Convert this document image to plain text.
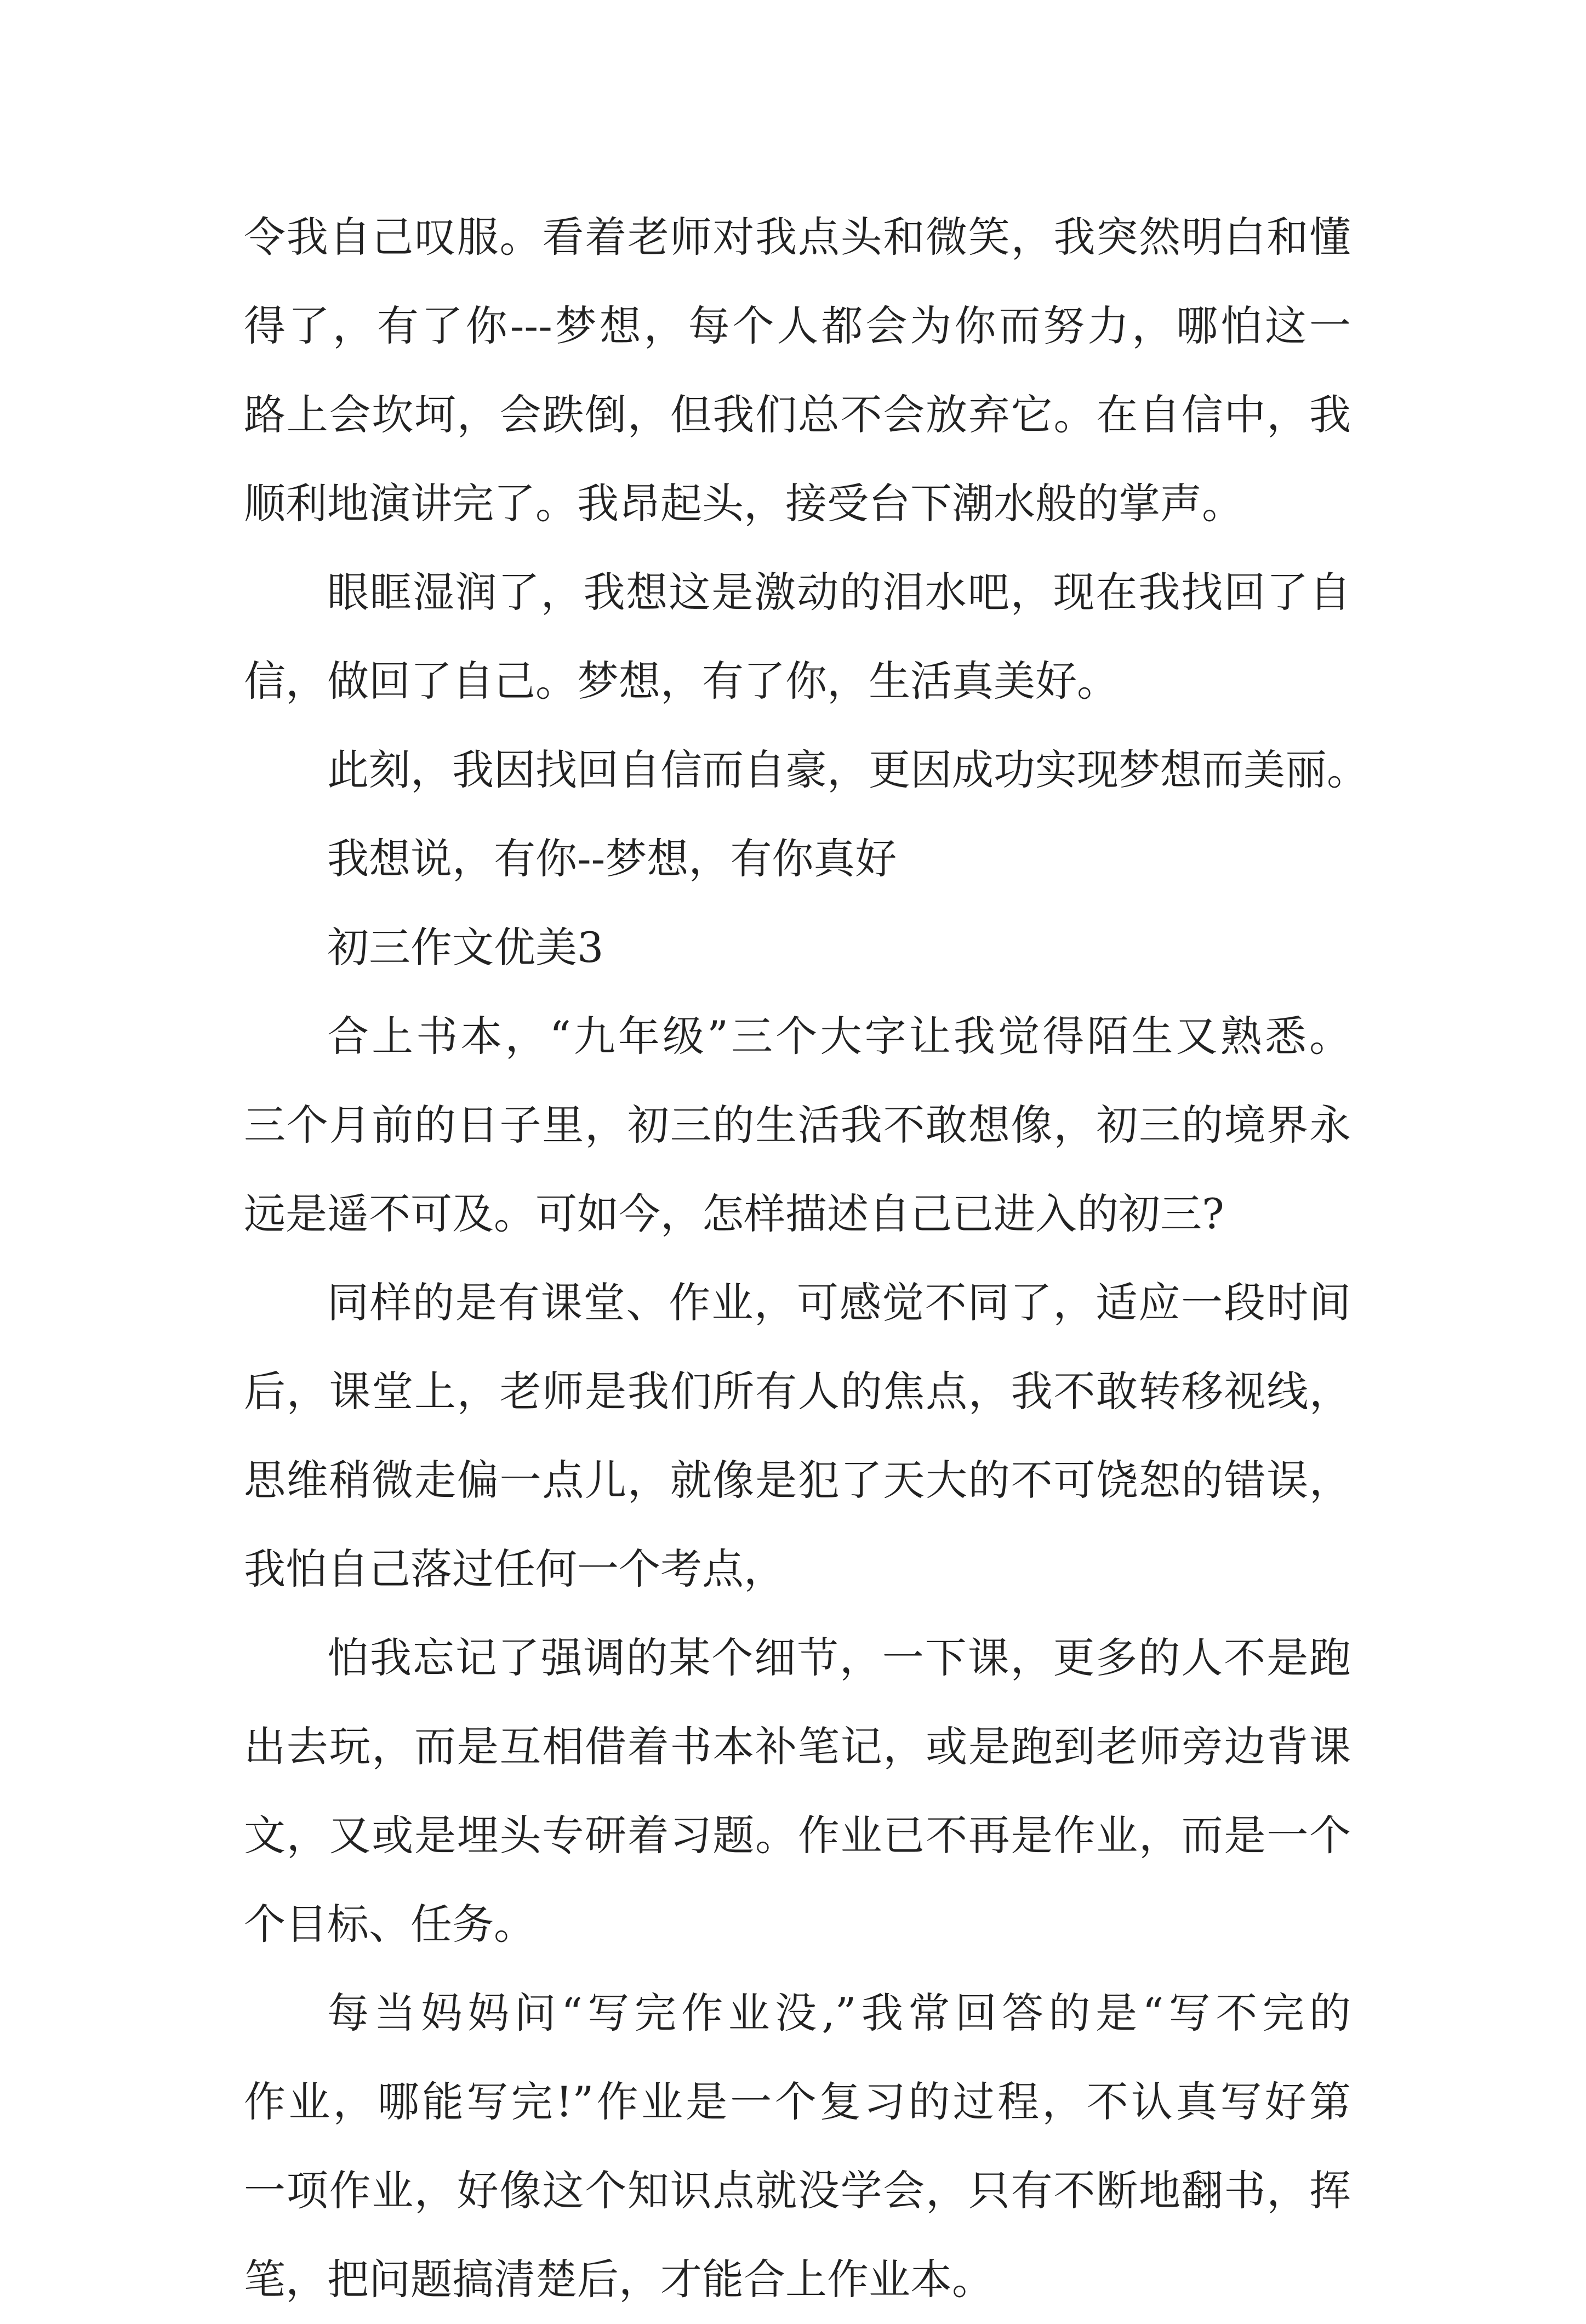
令我自己叹服。看着老师对我点头和微笑，我突然明白和懂
得了，有了你---梦想，每个人都会为你而努力，哪怕这一
路上会坎坷，会跌倒，但我们总不会放弃它。在自信中，我
顺利地演讲完了。我昂起头，接受台下潮水般的掌声。
眼眶湿润了，我想这是激动的泪水吧，现在我找回了自
信，做回了自己。梦想，有了你，生活真美好。
此刻，我因找回自信而自豪，更因成功实现梦想而美丽。
我想说，有你--梦想，有你真好
初三作文优美3
合上书本，“九年级”三个大字让我觉得陌生又熟悉。
三个月前的日子里，初三的生活我不敢想像，初三的境界永
远是遥不可及。可如今，怎样描述自己已进入的初三?
同样的是有课堂、作业，可感觉不同了，适应一段时间
后，课堂上，老师是我们所有人的焦点，我不敢转移视线，
思维稍微走偏一点儿，就像是犯了天大的不可饶恕的错误，
我怕自己落过任何一个考点，
怕我忘记了强调的某个细节，一下课，更多的人不是跑
出去玩，而是互相借着书本补笔记，或是跑到老师旁边背课
文，又或是埋头专研着习题。作业已不再是作业，而是一个
个目标、任务。
每当妈妈问“写完作业没,”我常回答的是“写不完的
作业，哪能写完!”作业是一个复习的过程，不认真写好第
一项作业，好像这个知识点就没学会，只有不断地翻书，挥
笔，把问题搞清楚后，才能合上作业本。
